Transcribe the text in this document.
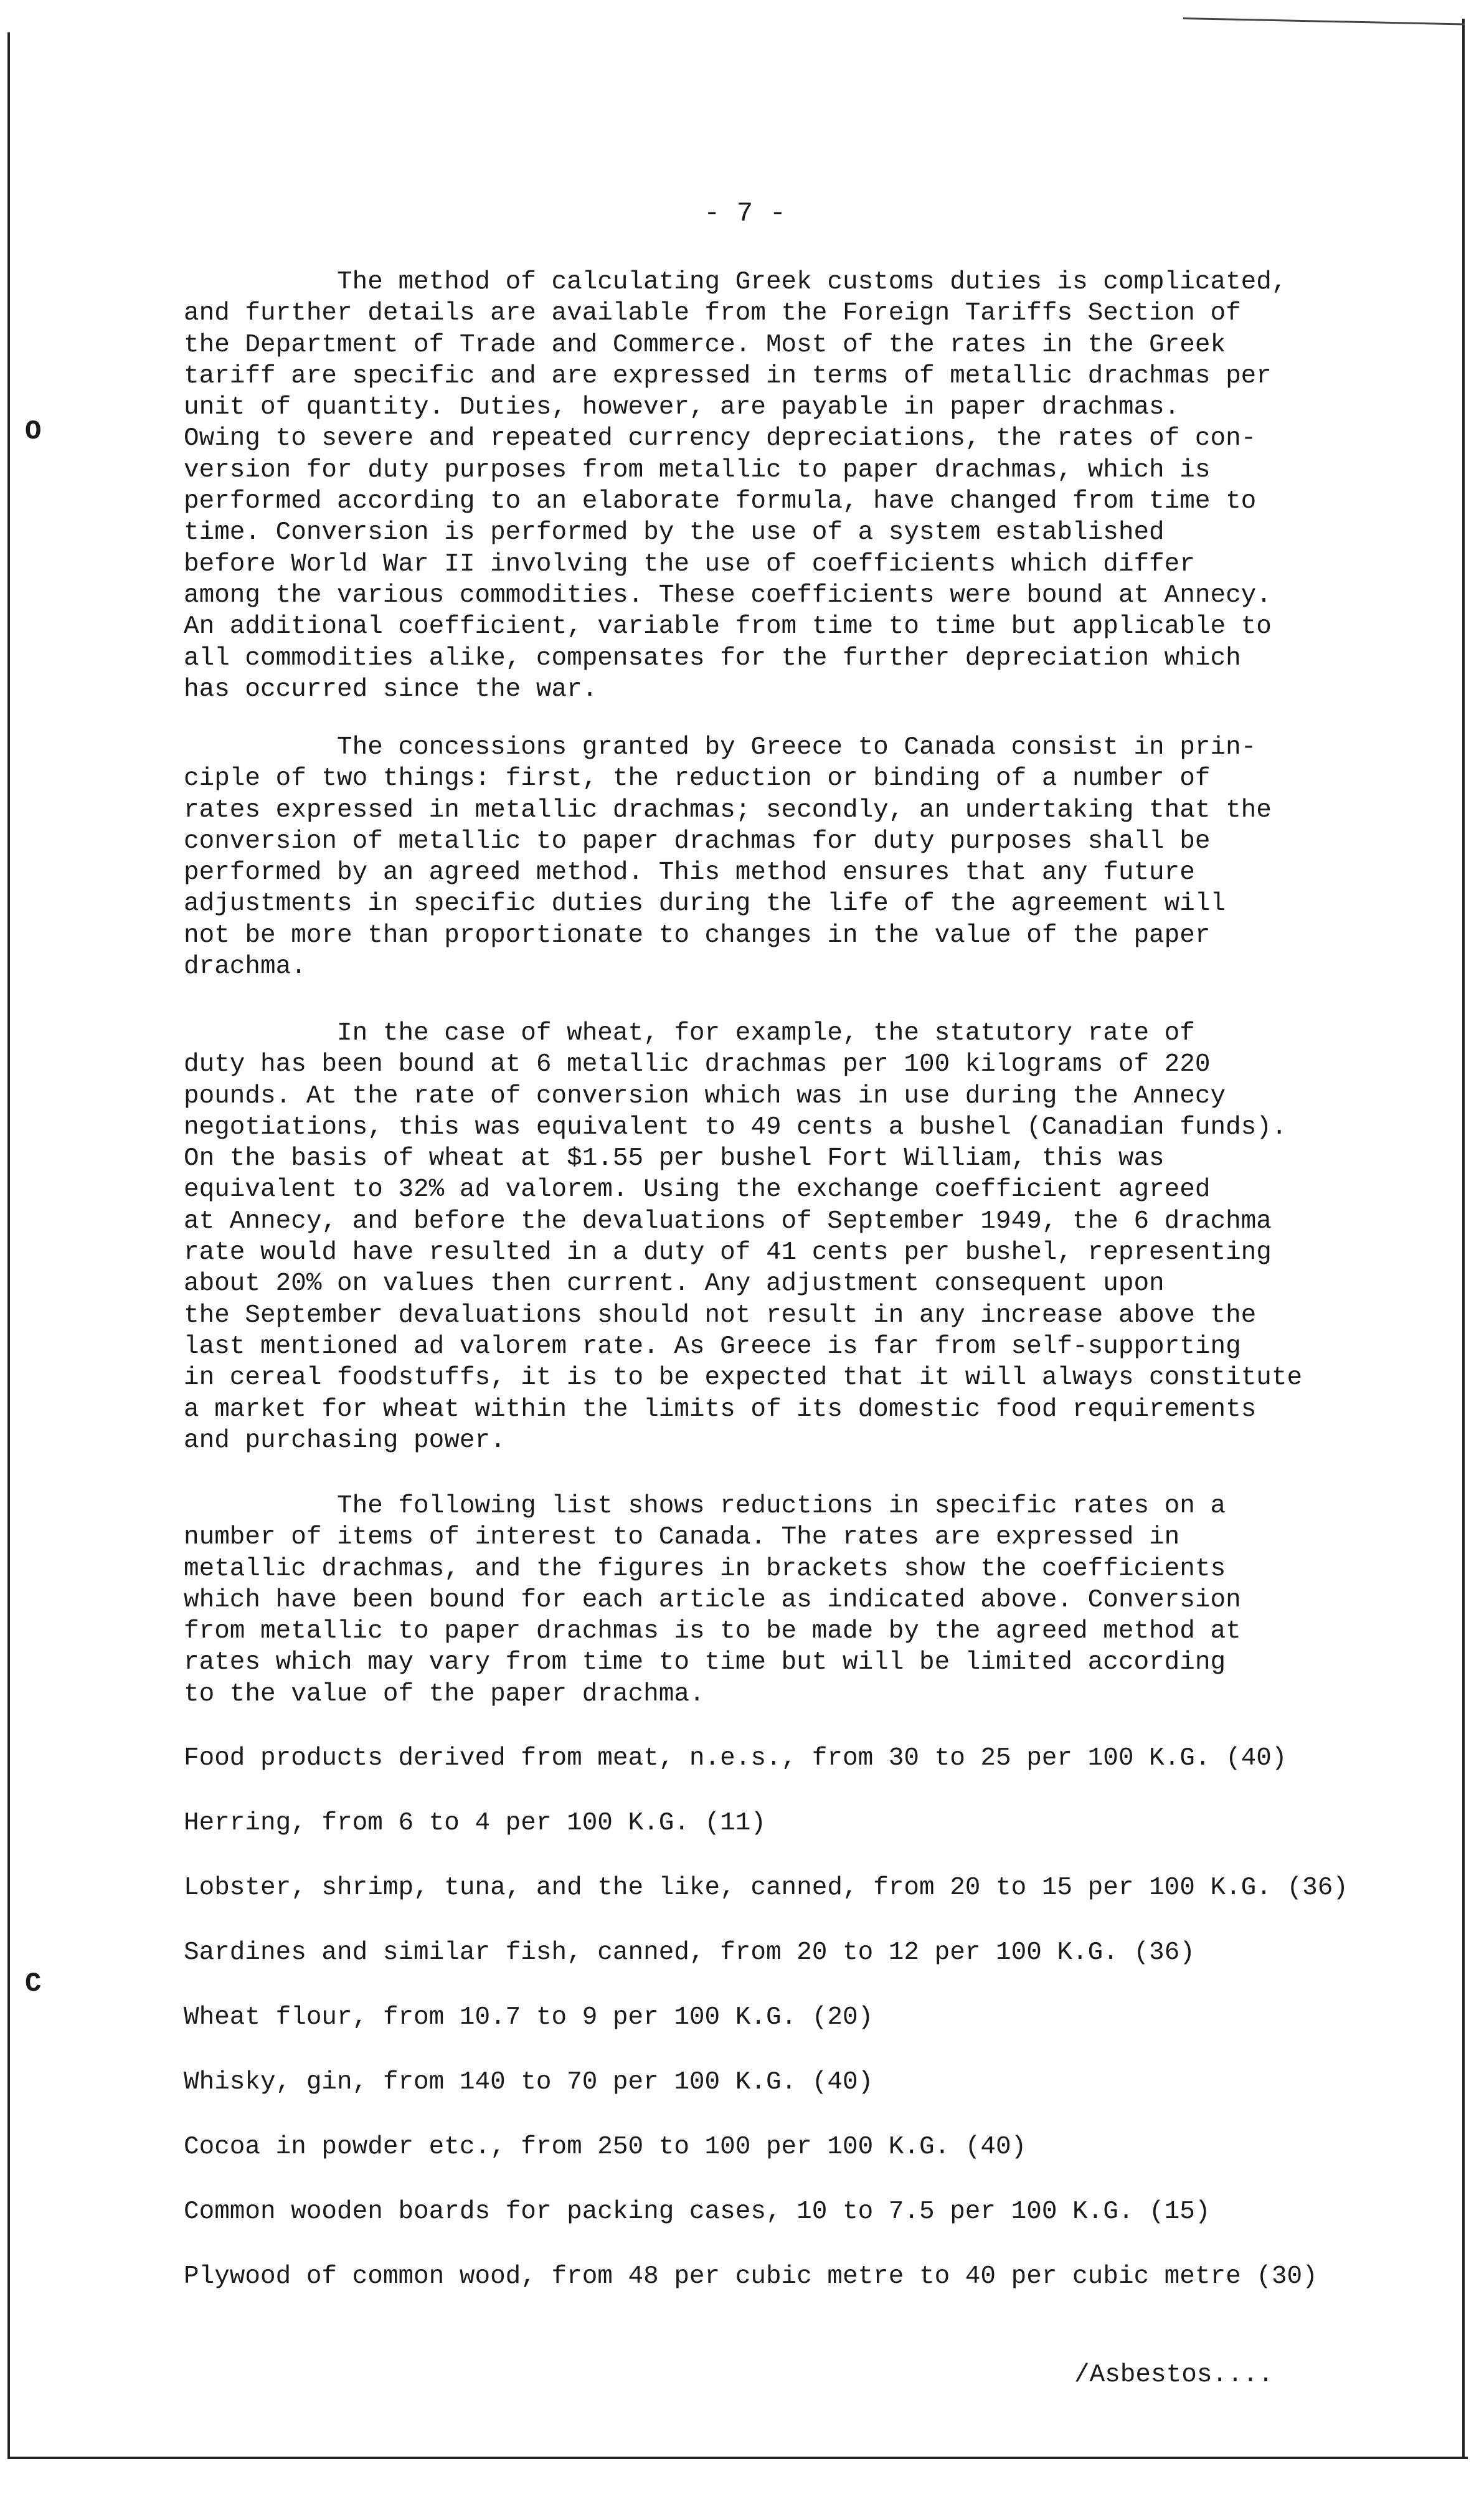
O
C
- 7 -
The method of calculating Greek customs duties is complicated,
and further details are available from the Foreign Tariffs Section of
the Department of Trade and Commerce. Most of the rates in the Greek
tariff are specific and are expressed in terms of metallic drachmas per
unit of quantity. Duties, however, are payable in paper drachmas.
Owing to severe and repeated currency depreciations, the rates of con-
version for duty purposes from metallic to paper drachmas, which is
performed according to an elaborate formula, have changed from time to
time. Conversion is performed by the use of a system established
before World War II involving the use of coefficients which differ
among the various commodities. These coefficients were bound at Annecy.
An additional coefficient, variable from time to time but applicable to
all commodities alike, compensates for the further depreciation which
has occurred since the war.
The concessions granted by Greece to Canada consist in prin-
ciple of two things: first, the reduction or binding of a number of
rates expressed in metallic drachmas; secondly, an undertaking that the
conversion of metallic to paper drachmas for duty purposes shall be
performed by an agreed method. This method ensures that any future
adjustments in specific duties during the life of the agreement will
not be more than proportionate to changes in the value of the paper
drachma.
In the case of wheat, for example, the statutory rate of
duty has been bound at 6 metallic drachmas per 100 kilograms of 220
pounds. At the rate of conversion which was in use during the Annecy
negotiations, this was equivalent to 49 cents a bushel (Canadian funds).
On the basis of wheat at $1.55 per bushel Fort William, this was
equivalent to 32% ad valorem. Using the exchange coefficient agreed
at Annecy, and before the devaluations of September 1949, the 6 drachma
rate would have resulted in a duty of 41 cents per bushel, representing
about 20% on values then current. Any adjustment consequent upon
the September devaluations should not result in any increase above the
last mentioned ad valorem rate. As Greece is far from self-supporting
in cereal foodstuffs, it is to be expected that it will always constitute
a market for wheat within the limits of its domestic food requirements
and purchasing power.
The following list shows reductions in specific rates on a
number of items of interest to Canada. The rates are expressed in
metallic drachmas, and the figures in brackets show the coefficients
which have been bound for each article as indicated above. Conversion
from metallic to paper drachmas is to be made by the agreed method at
rates which may vary from time to time but will be limited according
to the value of the paper drachma.
Food products derived from meat, n.e.s., from 30 to 25 per 100 K.G. (40)
Herring, from 6 to 4 per 100 K.G. (11)
Lobster, shrimp, tuna, and the like, canned, from 20 to 15 per 100 K.G. (36)
Sardines and similar fish, canned, from 20 to 12 per 100 K.G. (36)
Wheat flour, from 10.7 to 9 per 100 K.G. (20)
Whisky, gin, from 140 to 70 per 100 K.G. (40)
Cocoa in powder etc., from 250 to 100 per 100 K.G. (40)
Common wooden boards for packing cases, 10 to 7.5 per 100 K.G. (15)
Plywood of common wood, from 48 per cubic metre to 40 per cubic metre (30)
/Asbestos....
